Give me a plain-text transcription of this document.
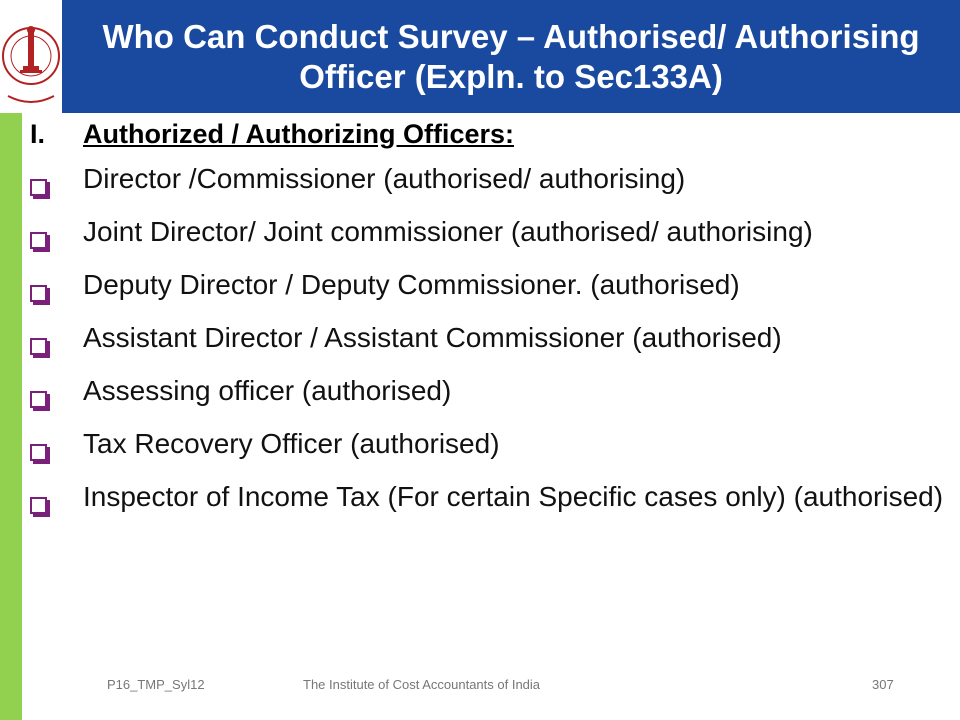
Who Can Conduct Survey – Authorised/ Authorising Officer (Expln. to Sec133A)
I.	Authorized / Authorizing Officers:
Director /Commissioner (authorised/ authorising)
Joint Director/ Joint commissioner (authorised/ authorising)
Deputy Director / Deputy Commissioner. (authorised)
Assistant Director / Assistant Commissioner (authorised)
Assessing officer (authorised)
Tax Recovery Officer (authorised)
Inspector of Income Tax (For certain Specific cases only) (authorised)
P16_TMP_Syl12	The Institute of Cost Accountants of India	307
